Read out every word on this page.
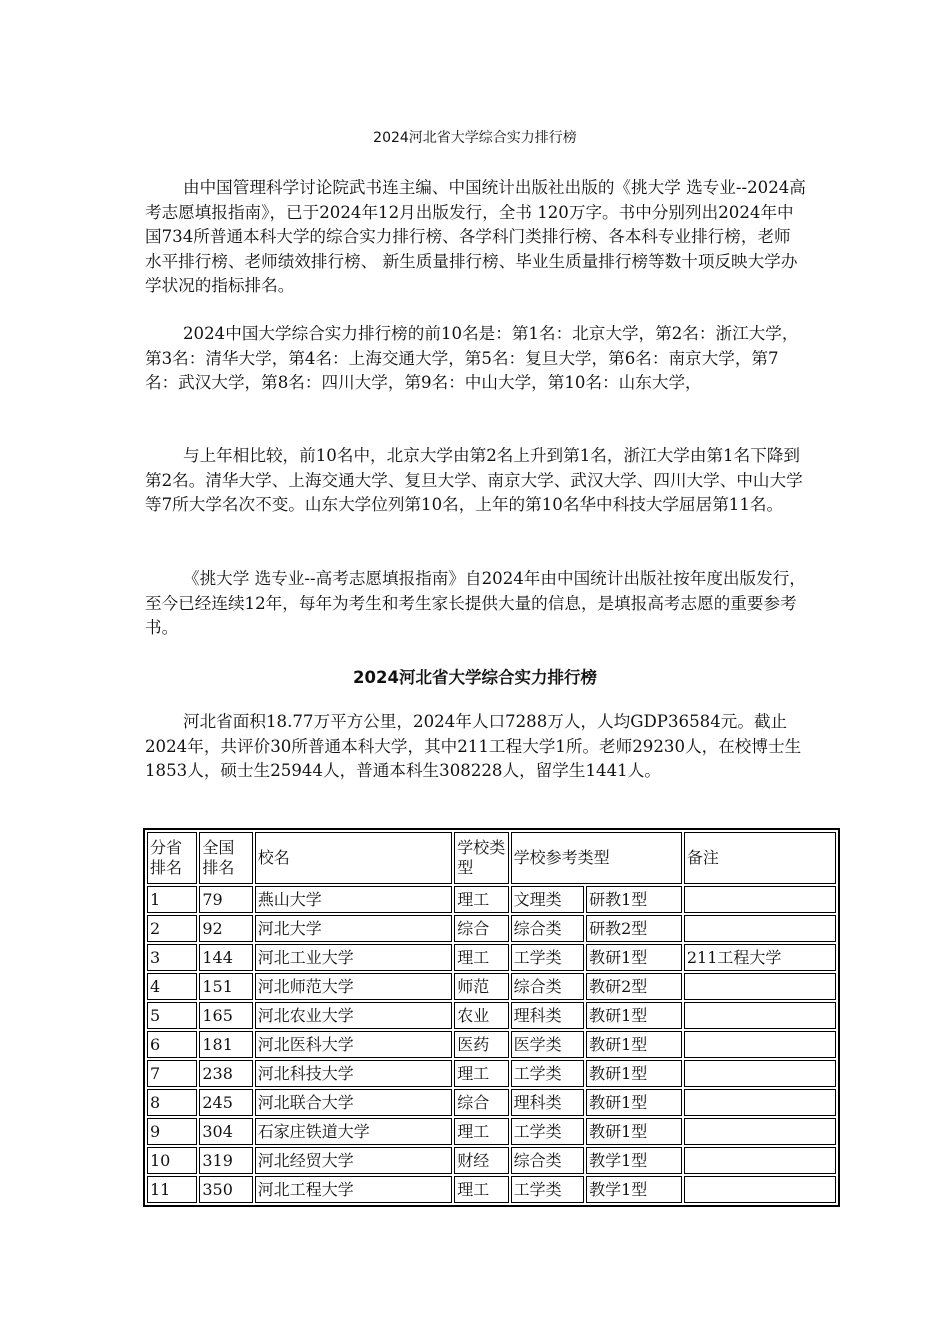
2024河北省大学综合实力排行榜

由中国管理科学讨论院武书连主编、中国统计出版社出版的《挑大学 选专业--2024高考志愿填报指南》，已于2024年12月出版发行，全书 120万字。书中分别列出2024年中国734所普通本科大学的综合实力排行榜、各学科门类排行榜、各本科专业排行榜，老师水平排行榜、老师绩效排行榜、 新生质量排行榜、毕业生质量排行榜等数十项反映大学办学状况的指标排名。

2024中国大学综合实力排行榜的前10名是：第1名：北京大学，第2名：浙江大学，第3名：清华大学，第4名：上海交通大学，第5名：复旦大学，第6名：南京大学，第7名：武汉大学，第8名：四川大学，第9名：中山大学，第10名：山东大学，

与上年相比较，前10名中，北京大学由第2名上升到第1名，浙江大学由第1名下降到第2名。清华大学、上海交通大学、复旦大学、南京大学、武汉大学、四川大学、中山大学等7所大学名次不变。山东大学位列第10名，上年的第10名华中科技大学屈居第11名。

《挑大学 选专业--高考志愿填报指南》自2024年由中国统计出版社按年度出版发行，至今已经连续12年，每年为考生和考生家长提供大量的信息，是填报高考志愿的重要参考书。

2024河北省大学综合实力排行榜

河北省面积18.77万平方公里，2024年人口7288万人，人均GDP36584元。截止2024年，共评价30所普通本科大学，其中211工程大学1所。老师29230人，在校博士生1853人，硕士生25944人，普通本科生308228人，留学生1441人。

分省排名	全国排名	校名	学校类型	学校参考类型		备注
1	79	燕山大学	理工	文理类	研教1型	
2	92	河北大学	综合	综合类	研教2型	
3	144	河北工业大学	理工	工学类	教研1型	211工程大学
4	151	河北师范大学	师范	综合类	教研2型	
5	165	河北农业大学	农业	理科类	教研1型	
6	181	河北医科大学	医药	医学类	教研1型	
7	238	河北科技大学	理工	工学类	教研1型	
8	245	河北联合大学	综合	理科类	教研1型	
9	304	石家庄铁道大学	理工	工学类	教研1型	
10	319	河北经贸大学	财经	综合类	教学1型	
11	350	河北工程大学	理工	工学类	教学1型	
